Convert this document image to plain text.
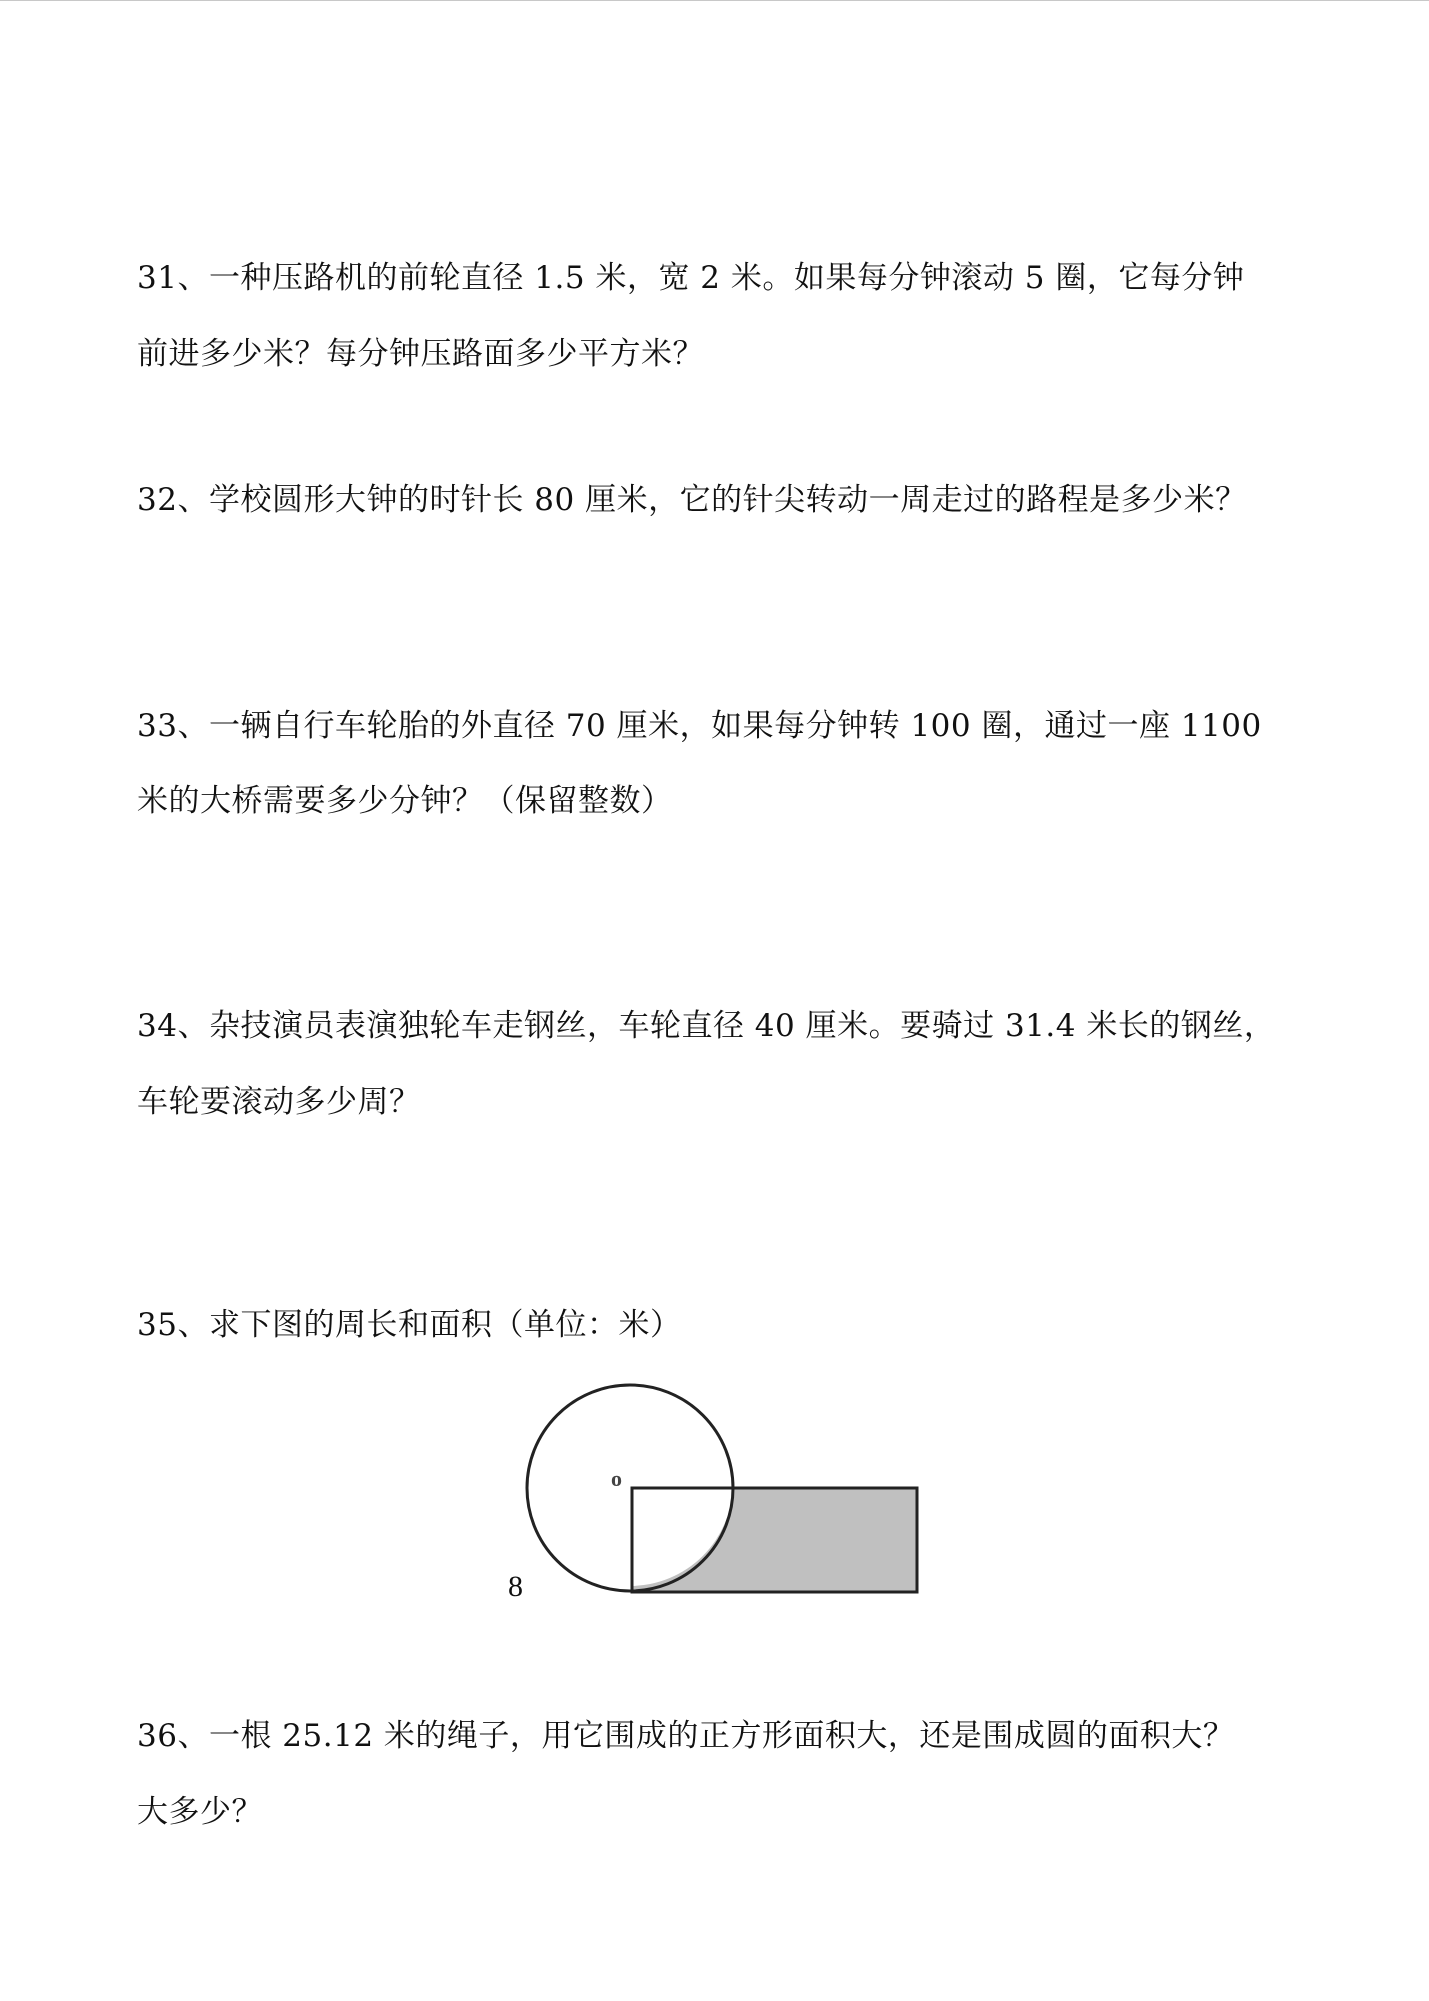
31、一种压路机的前轮直径 1.5 米，宽 2 米。如果每分钟滚动 5 圈，它每分钟
前进多少米？每分钟压路面多少平方米？
32、学校圆形大钟的时针长 80 厘米，它的针尖转动一周走过的路程是多少米？
33、一辆自行车轮胎的外直径 70 厘米，如果每分钟转 100 圈，通过一座 1100
米的大桥需要多少分钟？（保留整数）
34、杂技演员表演独轮车走钢丝，车轮直径 40 厘米。要骑过 31.4 米长的钢丝，
车轮要滚动多少周？
35、求下图的周长和面积（单位：米）
o
8
36、一根 25.12 米的绳子，用它围成的正方形面积大，还是围成圆的面积大？
大多少？
